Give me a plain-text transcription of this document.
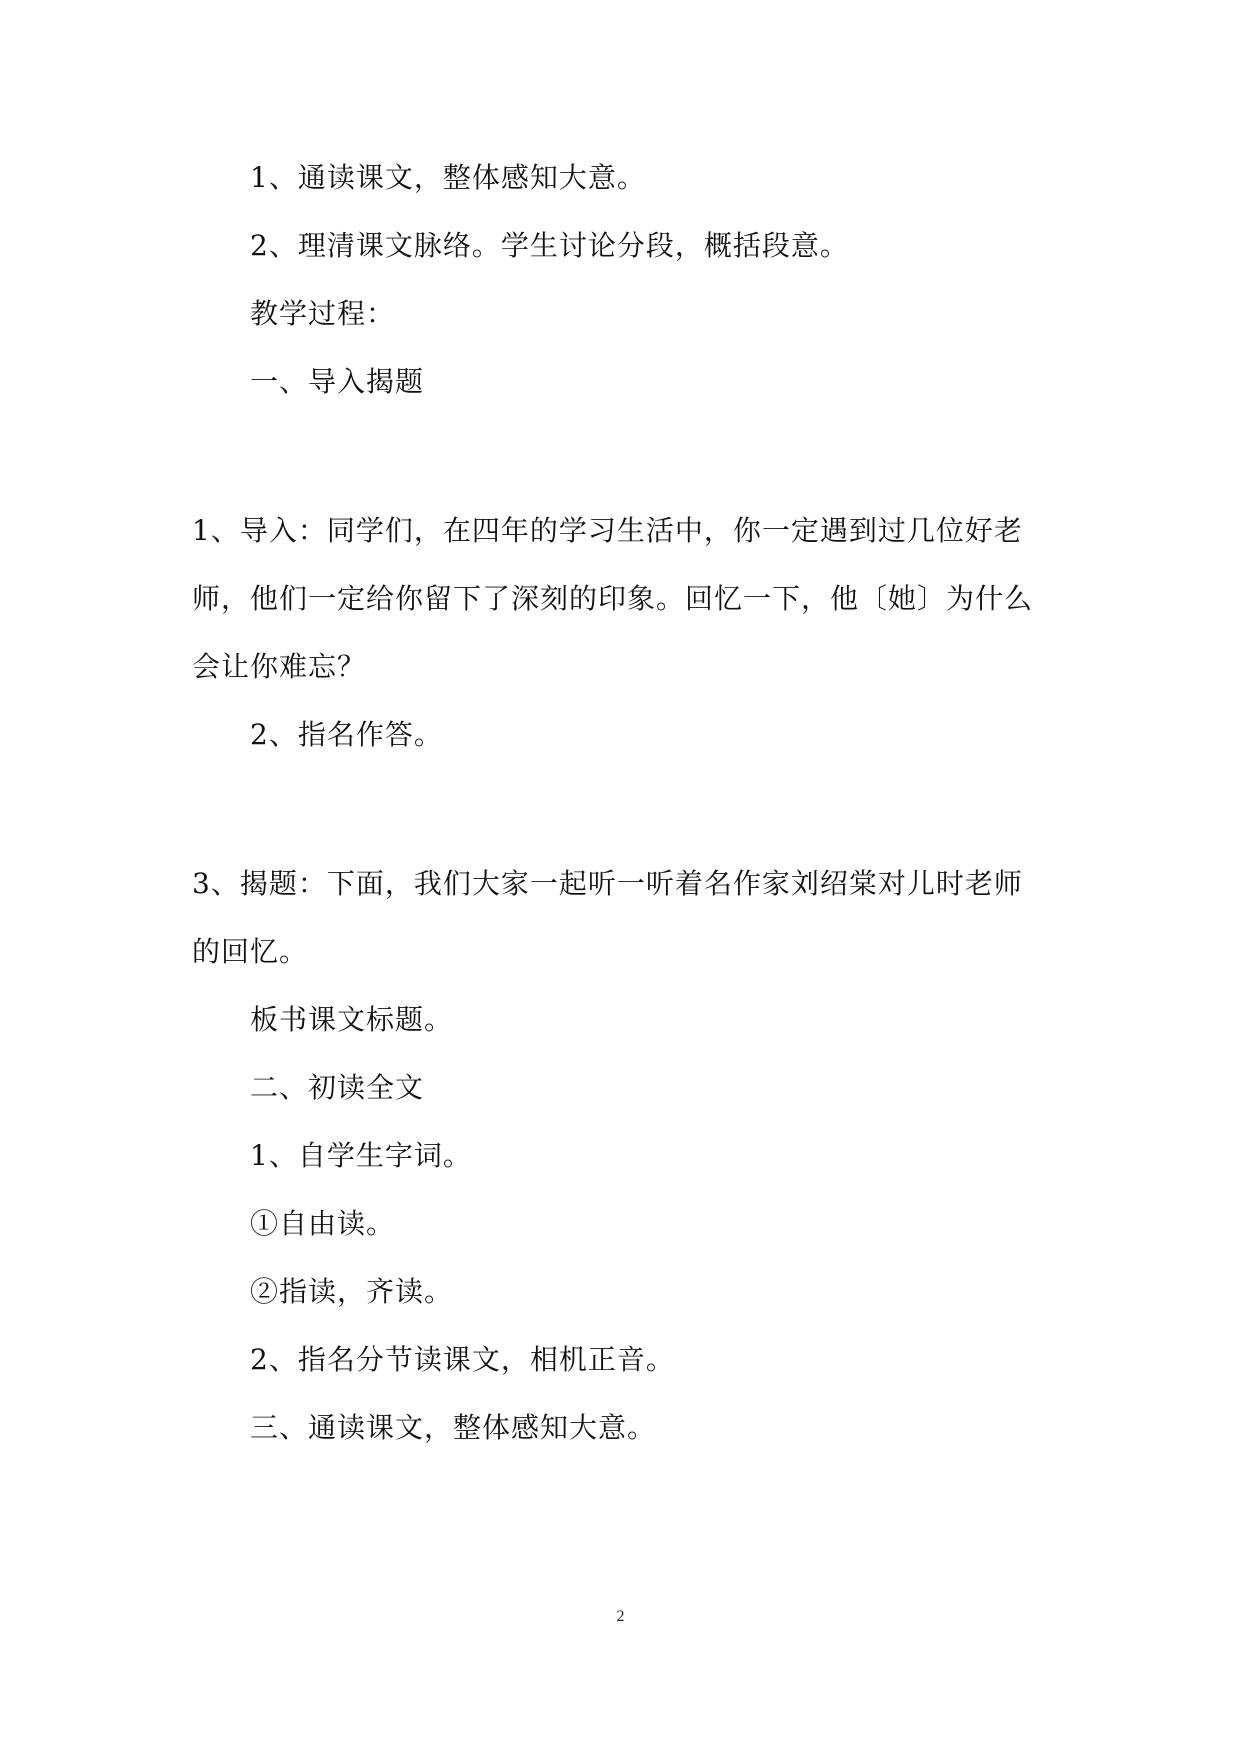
1、通读课文，整体感知大意。
2、理清课文脉络。学生讨论分段，概括段意。
教学过程：
一、导入揭题
1、导入：同学们，在四年的学习生活中，你一定遇到过几位好老
师，他们一定给你留下了深刻的印象。回忆一下，他〔她〕为什么
会让你难忘？
2、指名作答。
3、揭题：下面，我们大家一起听一听着名作家刘绍棠对儿时老师
的回忆。
板书课文标题。
二、初读全文
1、自学生字词。
①自由读。
②指读，齐读。
2、指名分节读课文，相机正音。
三、通读课文，整体感知大意。
2
